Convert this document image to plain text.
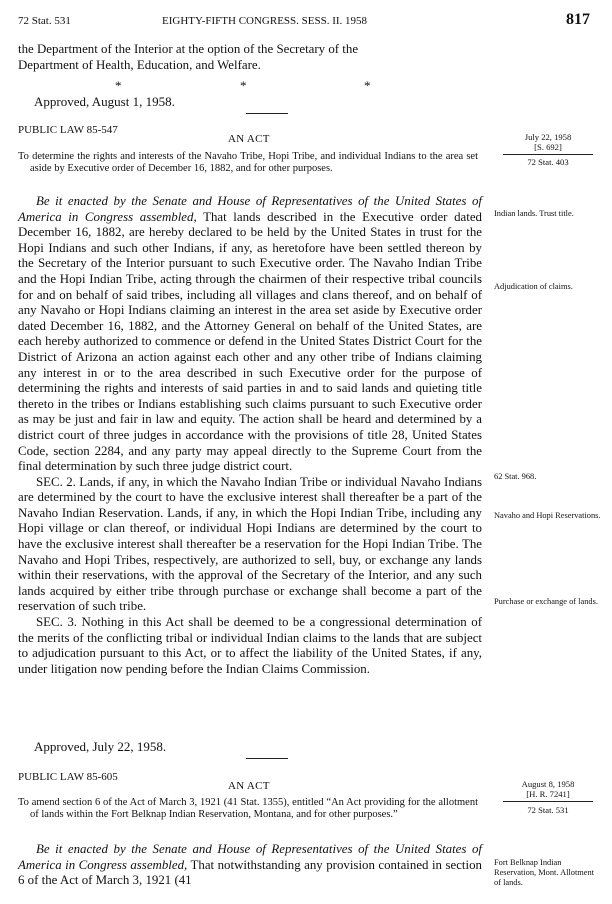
72 Stat. 531	EIGHTY-FIFTH CONGRESS. SESS. II. 1958	817

the Department of the Interior at the option of the Secretary of the

Department of Health, Education, and Welfare.

*	*	*
Approved, August 1, 1958.
PUBLIC LAW 85-547
AN ACT	July 22, 1958
[S. 692]
72 Stat. 403

To determine the rights and interests of the Navaho Tribe, Hopi Tribe, and individual Indians to the area set aside by Executive order of December 16, 1882, and for other purposes.

Be it enacted by the Senate and House of Representatives of the United States of America in Congress assembled, That lands described in the Executive order dated December 16, 1882, are hereby declared to be held by the United States in trust for the Hopi Indians and such other Indians, if any, as heretofore have been settled thereon by the Secretary of the Interior pursuant to such Executive order. The Navaho Indian Tribe and the Hopi Indian Tribe, acting through the chairmen of their respective tribal councils for and on behalf of said tribes, including all villages and clans thereof, and on behalf of any Navaho or Hopi Indians claiming an interest in the area set aside by Executive order dated December 16, 1882, and the Attorney General on behalf of the United States, are each hereby authorized to commence or defend in the United States District Court for the District of Arizona an action against each other and any other tribe of Indians claiming any interest in or to the area described in such Executive order for the purpose of determining the rights and interests of said parties in and to said lands and quieting title thereto in the tribes or Indians establishing such claims pursuant to such Executive order as may be just and fair in law and equity. The action shall be heard and determined by a district court of three judges in accordance with the provisions of title 28, United States Code, section 2284, and any party may appeal directly to the Supreme Court from the final determination by such three judge district court.

SEC. 2. Lands, if any, in which the Navaho Indian Tribe or individual Navaho Indians are determined by the court to have the exclusive interest shall thereafter be a part of the Navaho Indian Reservation. Lands, if any, in which the Hopi Indian Tribe, including any Hopi village or clan thereof, or individual Hopi Indians are determined by the court to have the exclusive interest shall thereafter be a reservation for the Hopi Indian Tribe. The Navaho and Hopi Tribes, respectively, are authorized to sell, buy, or exchange any lands within their reservations, with the approval of the Secretary of the Interior, and any such lands acquired by either tribe through purchase or exchange shall become a part of the reservation of such tribe.

SEC. 3. Nothing in this Act shall be deemed to be a congressional determination of the merits of the conflicting tribal or individual Indian claims to the lands that are subject to adjudication pursuant to this Act, or to affect the liability of the United States, if any, under litigation now pending before the Indian Claims Commission.

Indian lands. Trust title.
Adjudication of claims.
62 Stat. 968.
Navaho and Hopi Reservations.
Purchase or exchange of lands.
Approved, July 22, 1958.
PUBLIC LAW 85-605
AN ACT	August 8, 1958
[H. R. 7241]
72 Stat. 531

To amend section 6 of the Act of March 3, 1921 (41 Stat. 1355), entitled “An Act providing for the allotment of lands within the Fort Belknap Indian Reservation, Montana, and for other purposes.”

Be it enacted by the Senate and House of Representatives of the United States of America in Congress assembled, That notwithstanding any provision contained in section 6 of the Act of March 3, 1921 (41

Fort Belknap Indian Reservation, Mont. Allotment of lands.
